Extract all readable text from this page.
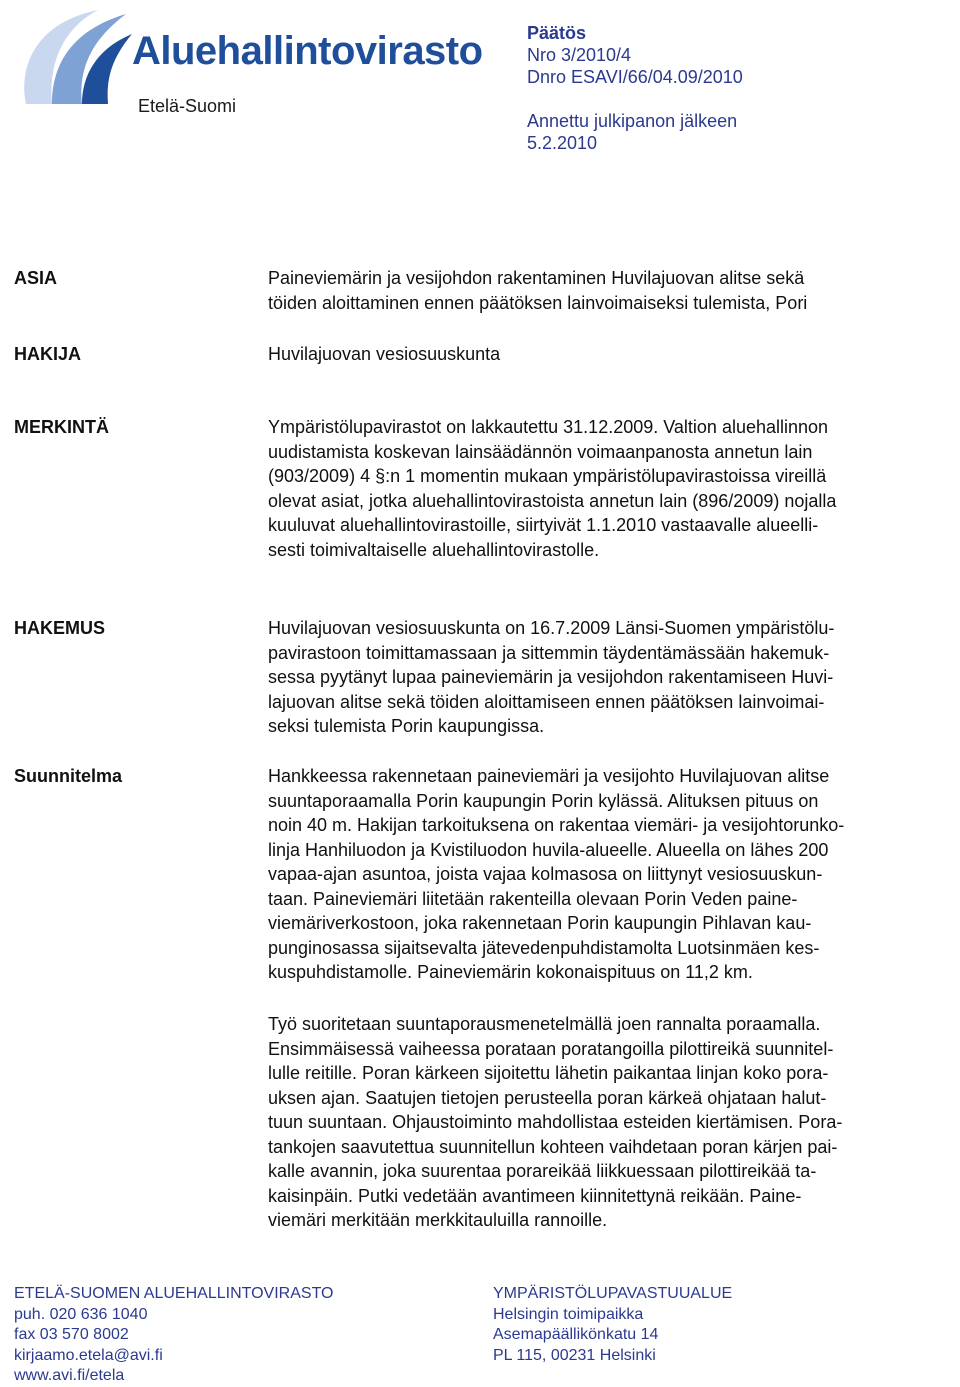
Aluehallintovirasto
Etelä-Suomi
Päätös
Nro 3/2010/4
Dnro ESAVI/66/04.09/2010
Annettu julkipanon jälkeen
5.2.2010
ASIA	Paineviemärin ja vesijohdon rakentaminen Huvilajuovan alitse sekä
töiden aloittaminen ennen päätöksen lainvoimaiseksi tulemista, Pori
HAKIJA	Huvilajuovan vesiosuuskunta
MERKINTÄ	Ympäristölupavirastot on lakkautettu 31.12.2009. Valtion aluehallinnon
uudistamista koskevan lainsäädännön voimaanpanosta annetun lain
(903/2009) 4 §:n 1 momentin mukaan ympäristölupavirastoissa vireillä
olevat asiat, jotka aluehallintovirastoista annetun lain (896/2009) nojalla
kuuluvat aluehallintovirastoille, siirtyivät 1.1.2010 vastaavalle alueelli-
sesti toimivaltaiselle aluehallintovirastolle.
HAKEMUS	Huvilajuovan vesiosuuskunta on 16.7.2009 Länsi-Suomen ympäristölu-
pavirastoon toimittamassaan ja sittemmin täydentämässään hakemuk-
sessa pyytänyt lupaa paineviemärin ja vesijohdon rakentamiseen Huvi-
lajuovan alitse sekä töiden aloittamiseen ennen päätöksen lainvoimai-
seksi tulemista Porin kaupungissa.
Suunnitelma	Hankkeessa rakennetaan paineviemäri ja vesijohto Huvilajuovan alitse
suuntaporaamalla Porin kaupungin Porin kylässä. Alituksen pituus on
noin 40 m. Hakijan tarkoituksena on rakentaa viemäri- ja vesijohtorunko-
linja Hanhiluodon ja Kvistiluodon huvila-alueelle. Alueella on lähes 200
vapaa-ajan asuntoa, joista vajaa kolmasosa on liittynyt vesiosuuskun-
taan. Paineviemäri liitetään rakenteilla olevaan Porin Veden paine-
viemäriverkostoon, joka rakennetaan Porin kaupungin Pihlavan kau-
punginosassa sijaitsevalta jätevedenpuhdistamolta Luotsinmäen kes-
kuspuhdistamolle. Paineviemärin kokonaispituus on 11,2 km.
Työ suoritetaan suuntaporausmenetelmällä joen rannalta poraamalla.
Ensimmäisessä vaiheessa porataan poratangoilla pilottireikä suunnitel-
lulle reitille. Poran kärkeen sijoitettu lähetin paikantaa linjan koko pora-
uksen ajan. Saatujen tietojen perusteella poran kärkeä ohjataan halut-
tuun suuntaan. Ohjaustoiminto mahdollistaa esteiden kiertämisen. Pora-
tankojen saavutettua suunnitellun kohteen vaihdetaan poran kärjen pai-
kalle avannin, joka suurentaa porareikää liikkuessaan pilottireikää ta-
kaisinpäin. Putki vedetään avantimeen kiinnitettynä reikään. Paine-
viemäri merkitään merkkitauluilla rannoille.
ETELÄ-SUOMEN ALUEHALLINTOVIRASTO
puh. 020 636 1040
fax 03 570 8002
kirjaamo.etela@avi.fi
www.avi.fi/etela
YMPÄRISTÖLUPAVASTUUALUE
Helsingin toimipaikka
Asemapäällikönkatu 14
PL 115, 00231 Helsinki
